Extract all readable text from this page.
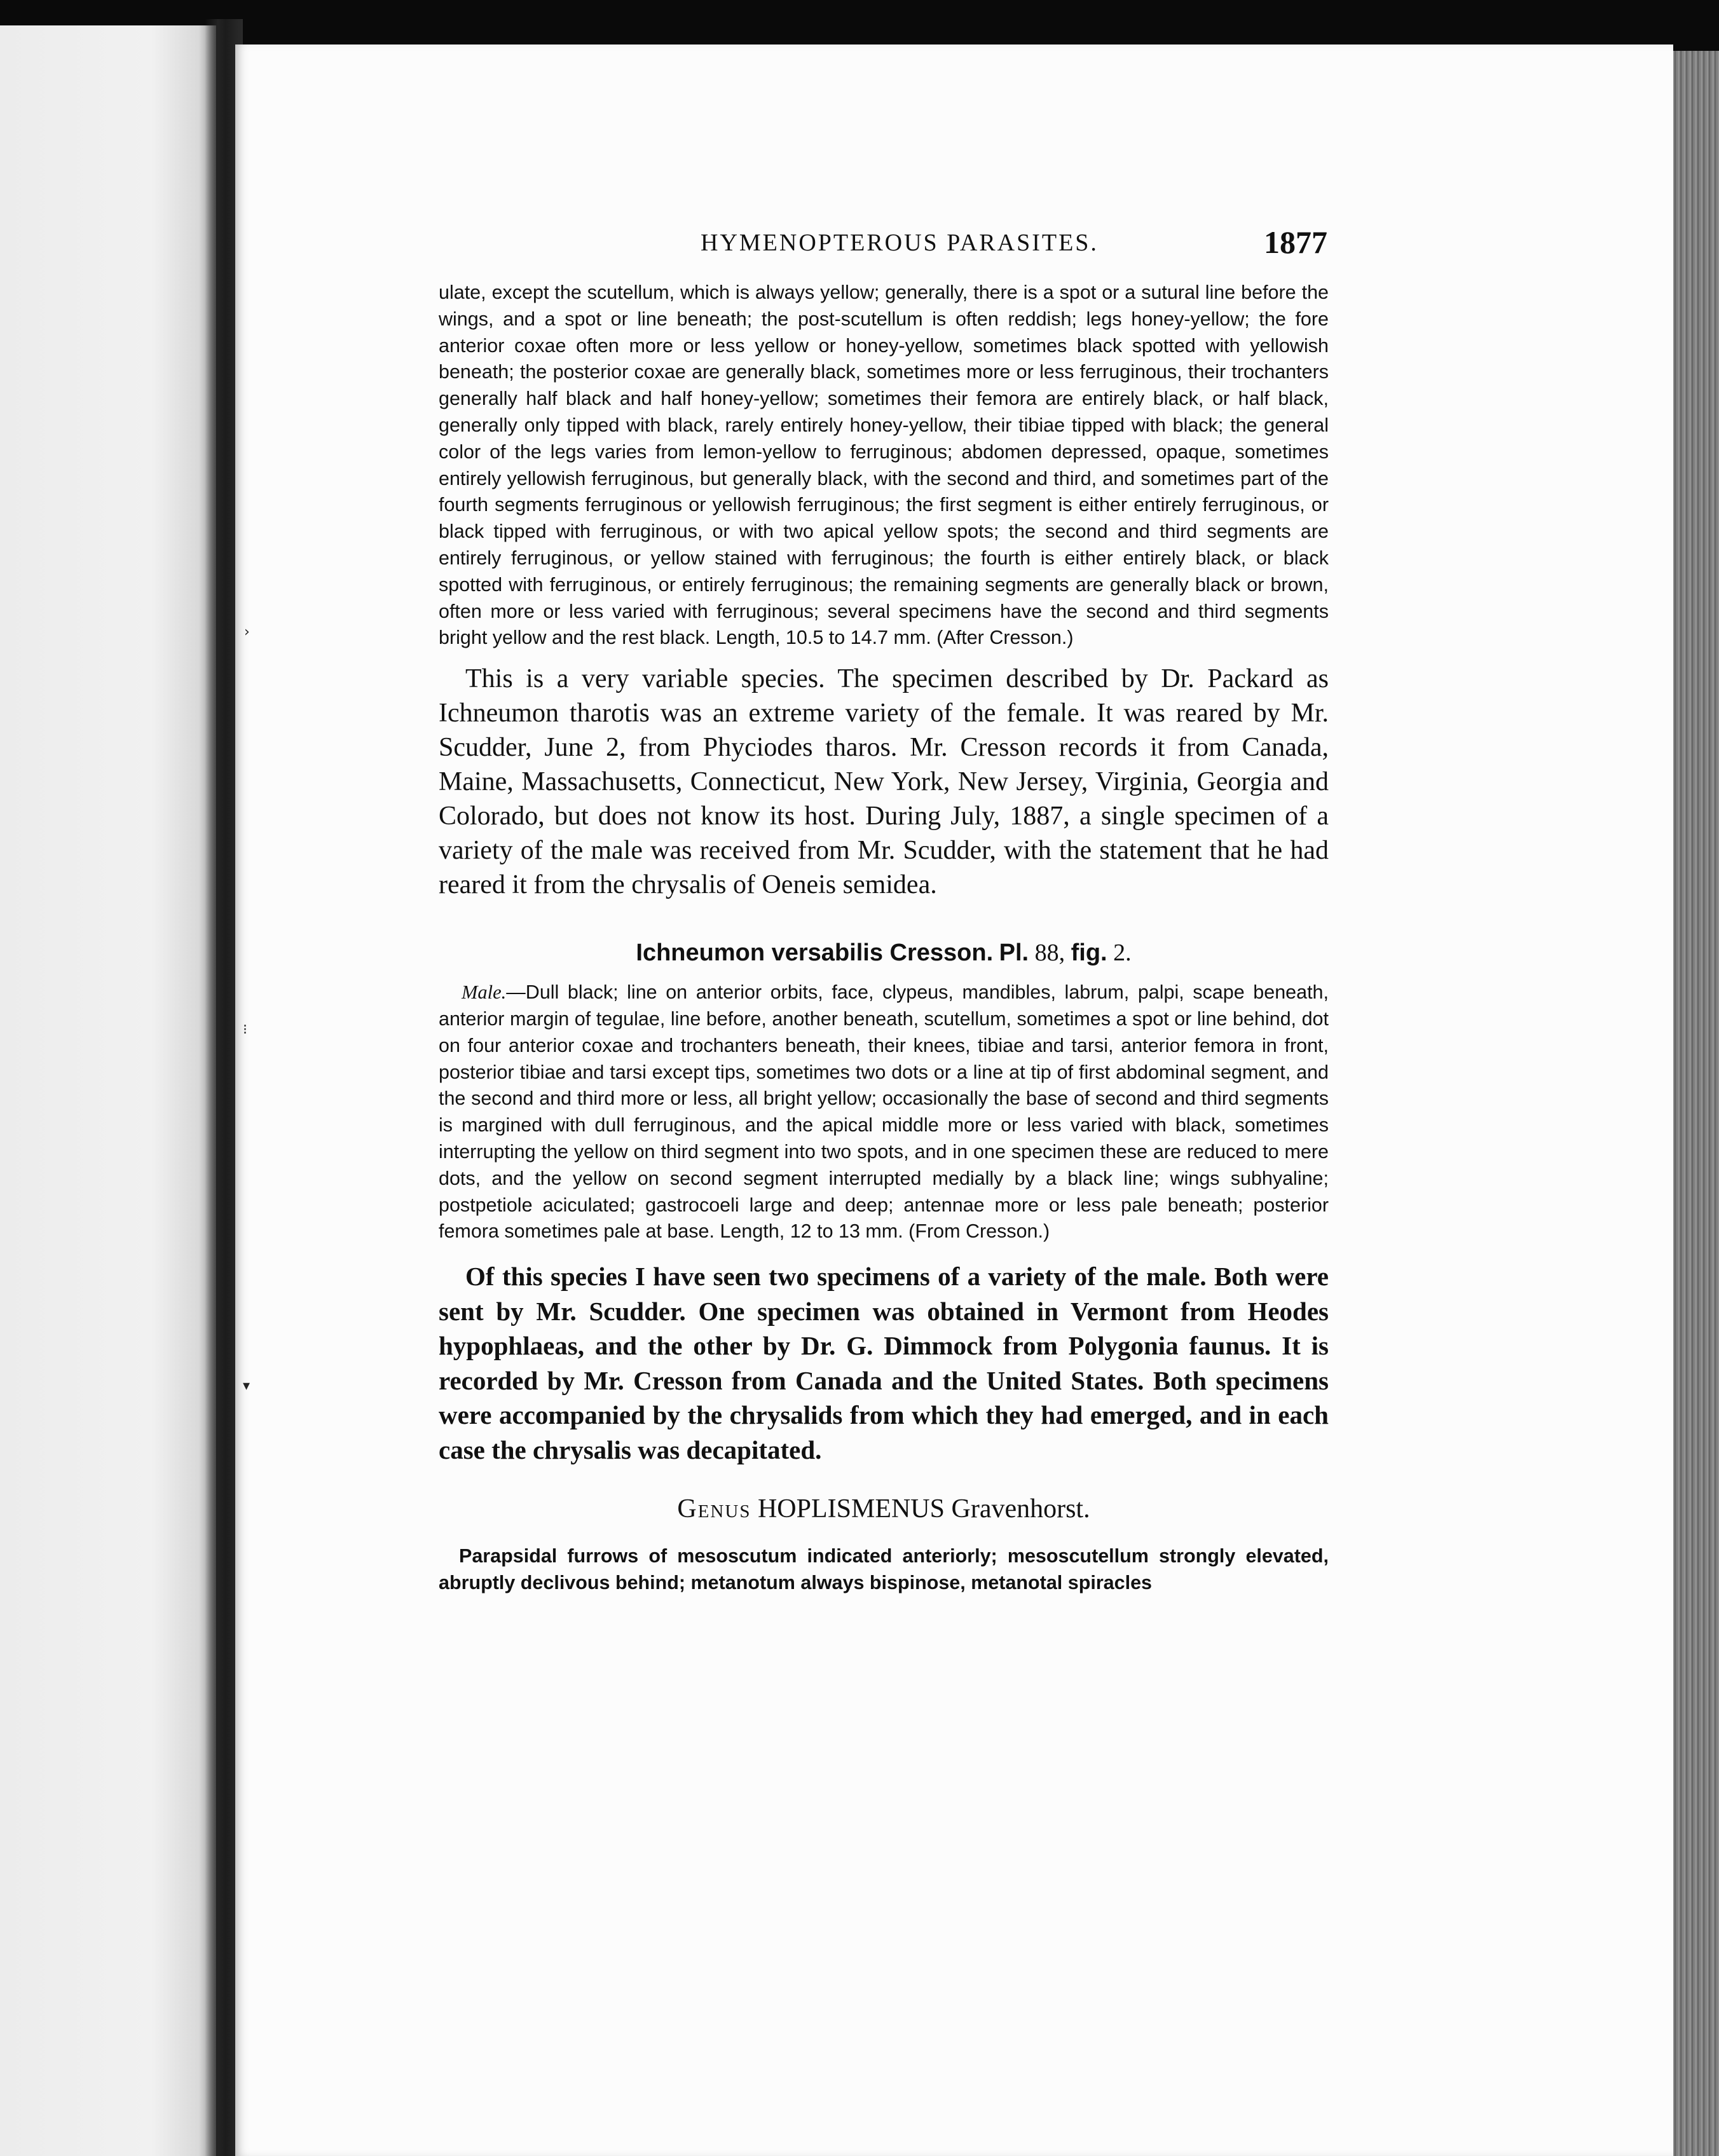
›
⁝
▾
HYMENOPTEROUS PARASITES.	1877

ulate, except the scutellum, which is always yellow; generally, there is a spot or a sutural line before the wings, and a spot or line beneath; the post-scutellum is often reddish; legs honey-yellow; the fore anterior coxae often more or less yellow or honey-yellow, sometimes black spotted with yellowish beneath; the posterior coxae are generally black, sometimes more or less ferruginous, their trochanters generally half black and half honey-yellow; sometimes their femora are entirely black, or half black, generally only tipped with black, rarely entirely honey-yellow, their tibiae tipped with black; the general color of the legs varies from lemon-yellow to ferruginous; abdomen depressed, opaque, sometimes entirely yellowish ferruginous, but generally black, with the second and third, and sometimes part of the fourth segments ferruginous or yellowish ferruginous; the first segment is either entirely ferruginous, or black tipped with ferruginous, or with two apical yellow spots; the second and third segments are entirely ferruginous, or yellow stained with ferruginous; the fourth is either entirely black, or black spotted with ferruginous, or entirely ferruginous; the remaining segments are generally black or brown, often more or less varied with ferruginous; several specimens have the second and third segments bright yellow and the rest black. Length, 10.5 to 14.7 mm. (After Cresson.)

This is a very variable species. The specimen described by Dr. Packard as Ichneumon tharotis was an extreme variety of the female. It was reared by Mr. Scudder, June 2, from Phyciodes tharos. Mr. Cresson records it from Canada, Maine, Massachusetts, Connecticut, New York, New Jersey, Virginia, Georgia and Colorado, but does not know its host. During July, 1887, a single specimen of a variety of the male was received from Mr. Scudder, with the statement that he had reared it from the chrysalis of Oeneis semidea.

Ichneumon versabilis Cresson. Pl. 88, fig. 2.

Male.—Dull black; line on anterior orbits, face, clypeus, mandibles, labrum, palpi, scape beneath, anterior margin of tegulae, line before, another beneath, scutellum, sometimes a spot or line behind, dot on four anterior coxae and trochanters beneath, their knees, tibiae and tarsi, anterior femora in front, posterior tibiae and tarsi except tips, sometimes two dots or a line at tip of first abdominal segment, and the second and third more or less, all bright yellow; occasionally the base of second and third segments is margined with dull ferruginous, and the apical middle more or less varied with black, sometimes interrupting the yellow on third segment into two spots, and in one specimen these are reduced to mere dots, and the yellow on second segment interrupted medially by a black line; wings subhyaline; postpetiole aciculated; gastrocoeli large and deep; antennae more or less pale beneath; posterior femora sometimes pale at base. Length, 12 to 13 mm. (From Cresson.)

Of this species I have seen two specimens of a variety of the male. Both were sent by Mr. Scudder. One specimen was obtained in Vermont from Heodes hypophlaeas, and the other by Dr. G. Dimmock from Polygonia faunus. It is recorded by Mr. Cresson from Canada and the United States. Both specimens were accompanied by the chrysalids from which they had emerged, and in each case the chrysalis was decapitated.

Genus HOPLISMENUS Gravenhorst.

Parapsidal furrows of mesoscutum indicated anteriorly; mesoscutellum strongly elevated, abruptly declivous behind; metanotum always bispinose, metanotal spiracles
